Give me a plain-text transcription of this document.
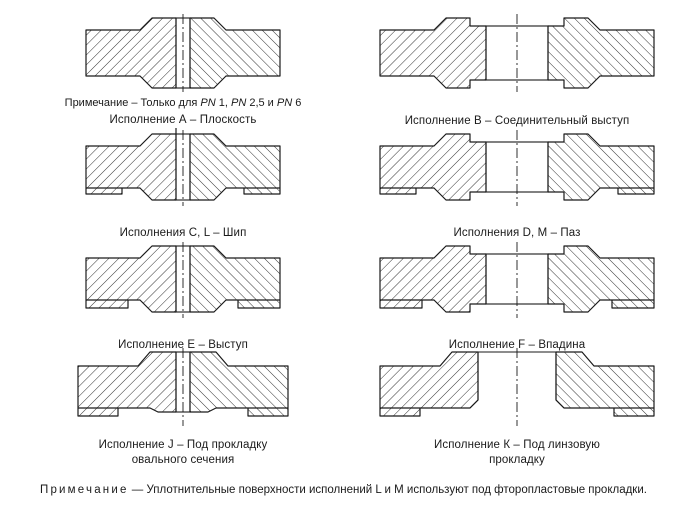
Примечание – Только для PN 1, PN 2,5 и PN 6
Исполнение А – Плоскость	Исполнение В – Соединительный выступ
Исполнения С, L – Шип	Исполнения D, M – Паз
Исполнение Е – Выступ	Исполнение F – Впадина
Исполнение J – Под прокладку
овального сечения
Исполнение К – Под линзовую
прокладку
Примечание — Уплотнительные поверхности исполнений L и M используют под фторопластовые прокладки.
